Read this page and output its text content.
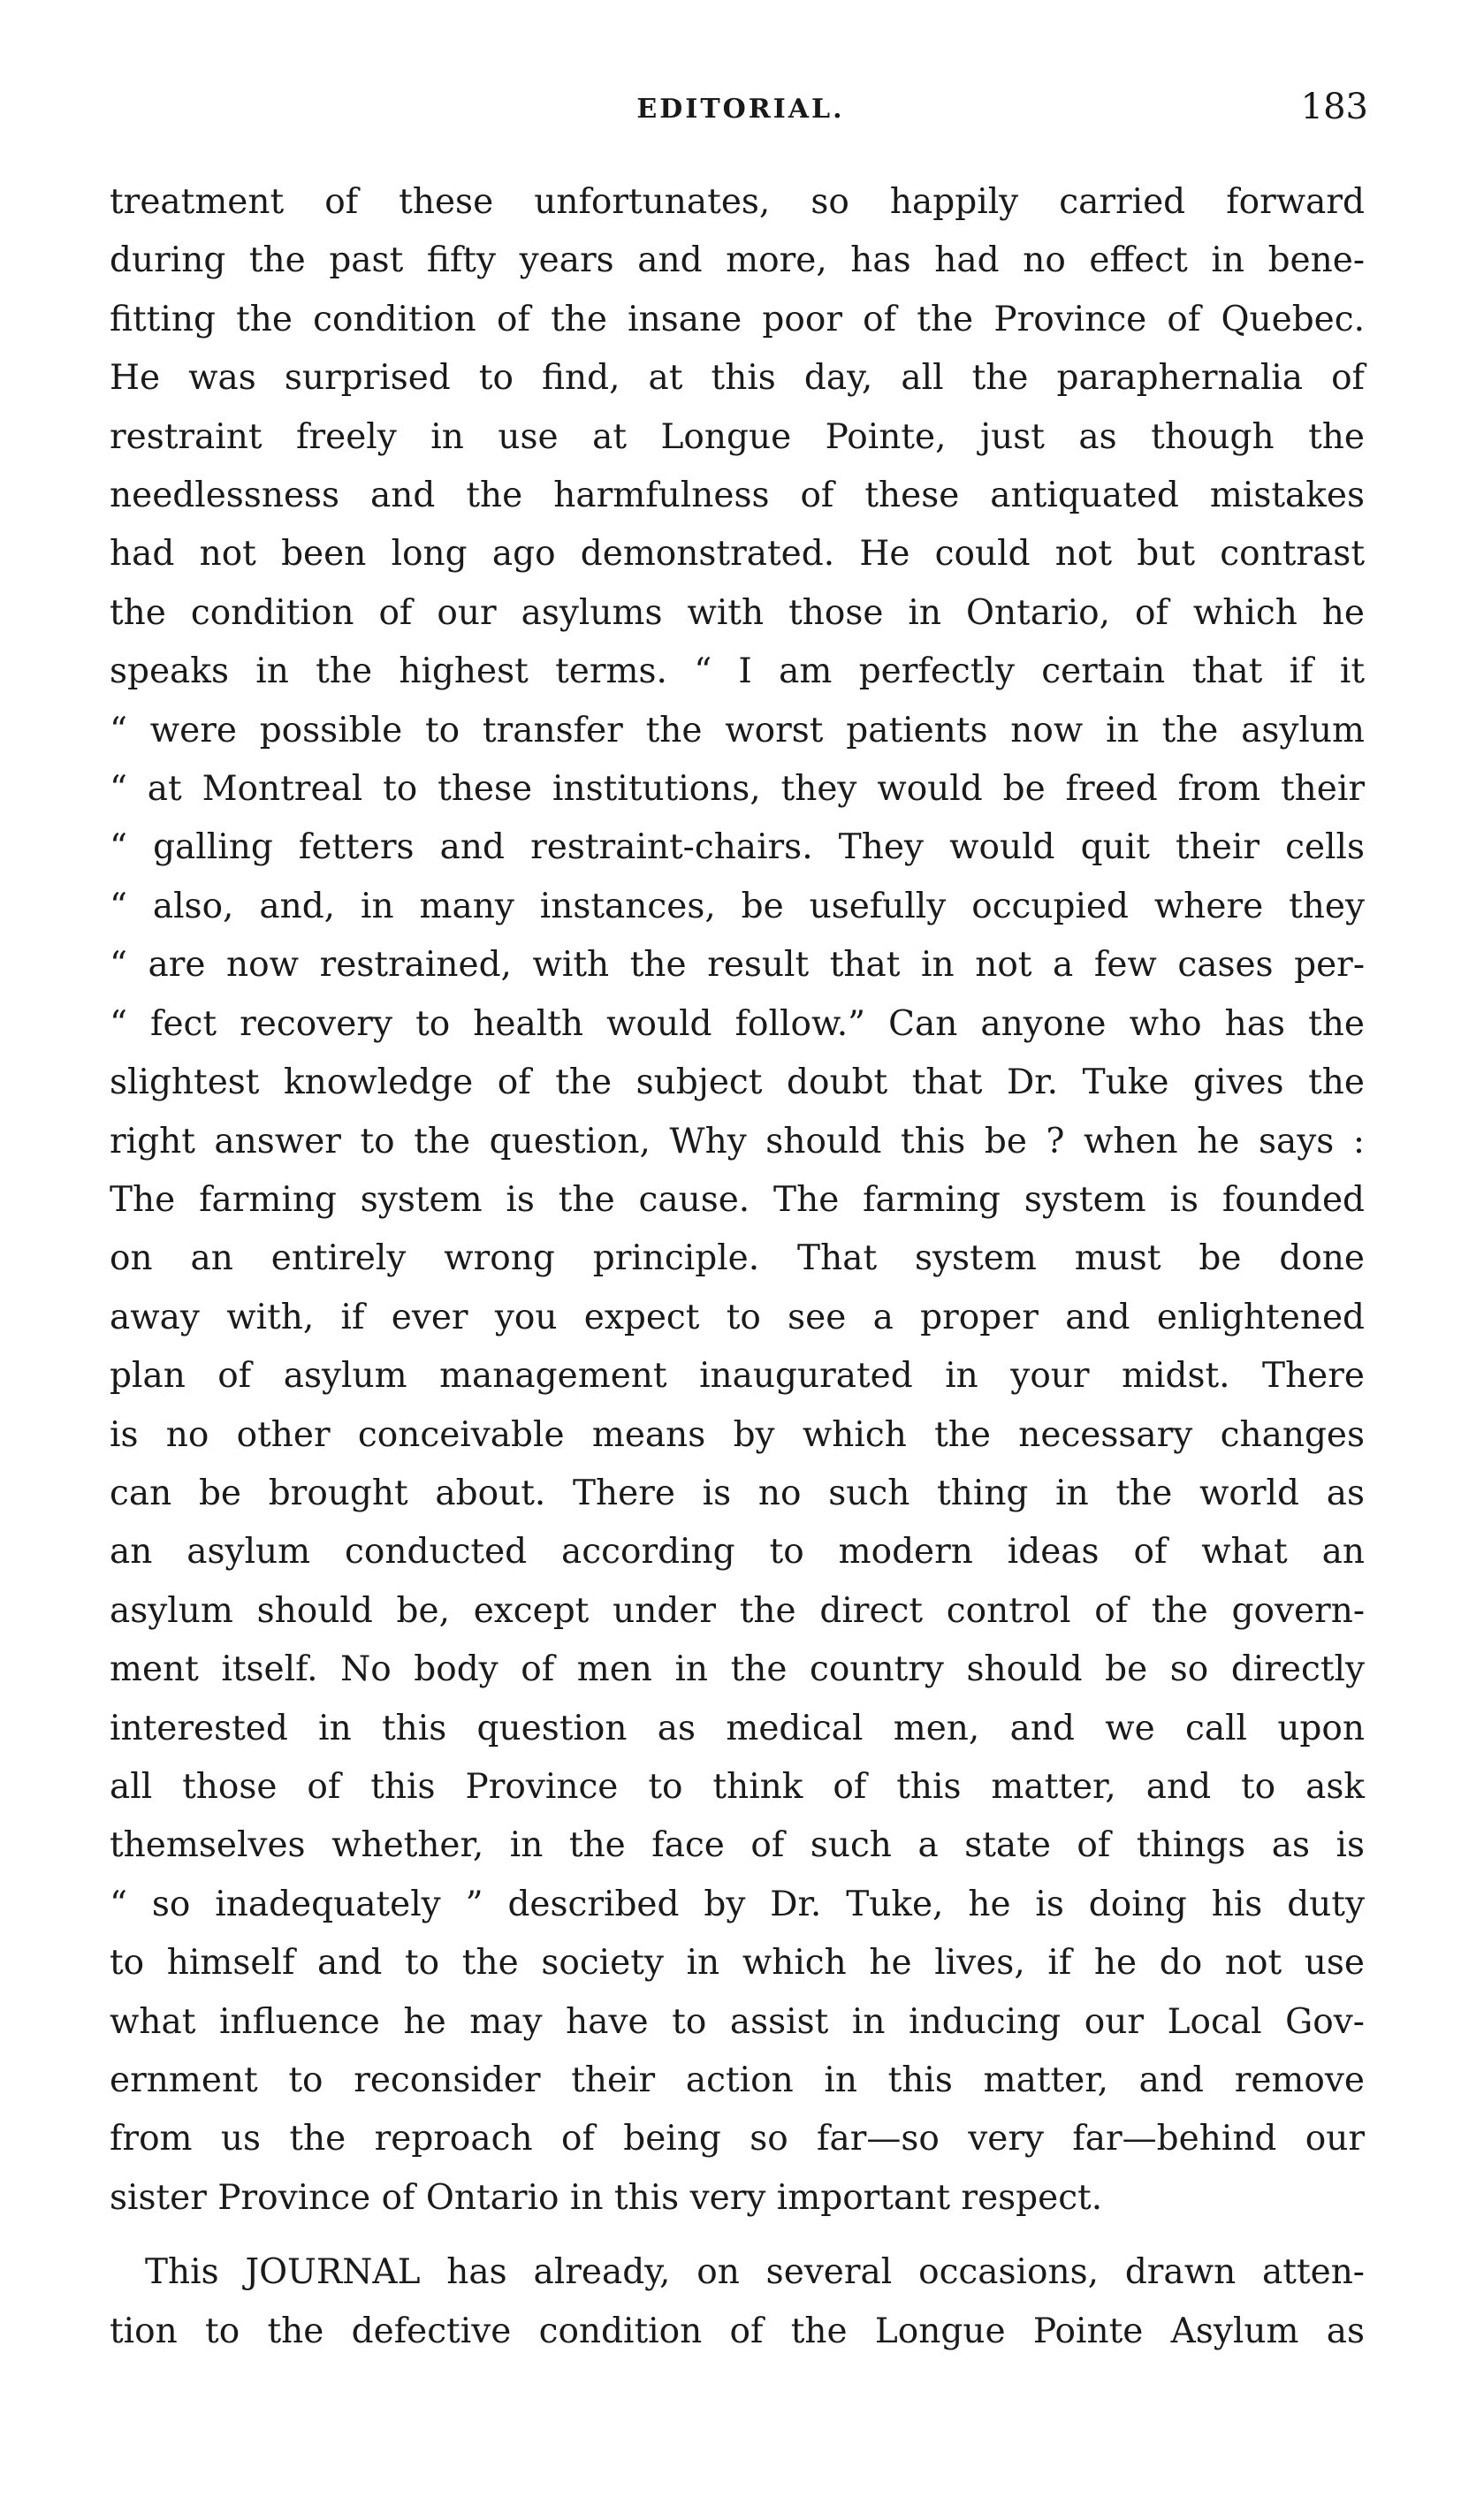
EDITORIAL.	183
treatment of these unfortunates, so happily carried forward
during the past fifty years and more, has had no effect in bene-
fitting the condition of the insane poor of the Province of Quebec.
He was surprised to find, at this day, all the paraphernalia of
restraint freely in use at Longue Pointe, just as though the
needlessness and the harmfulness of these antiquated mistakes
had not been long ago demonstrated. He could not but contrast
the condition of our asylums with those in Ontario, of which he
speaks in the highest terms. “ I am perfectly certain that if it
“ were possible to transfer the worst patients now in the asylum
“ at Montreal to these institutions, they would be freed from their
“ galling fetters and restraint-chairs. They would quit their cells
“ also, and, in many instances, be usefully occupied where they
“ are now restrained, with the result that in not a few cases per-
“ fect recovery to health would follow.” Can anyone who has the
slightest knowledge of the subject doubt that Dr. Tuke gives the
right answer to the question, Why should this be ? when he says :
The farming system is the cause. The farming system is founded
on an entirely wrong principle. That system must be done
away with, if ever you expect to see a proper and enlightened
plan of asylum management inaugurated in your midst. There
is no other conceivable means by which the necessary changes
can be brought about. There is no such thing in the world as
an asylum conducted according to modern ideas of what an
asylum should be, except under the direct control of the govern-
ment itself. No body of men in the country should be so directly
interested in this question as medical men, and we call upon
all those of this Province to think of this matter, and to ask
themselves whether, in the face of such a state of things as is
“ so inadequately ” described by Dr. Tuke, he is doing his duty
to himself and to the society in which he lives, if he do not use
what influence he may have to assist in inducing our Local Gov-
ernment to reconsider their action in this matter, and remove
from us the reproach of being so far—so very far—behind our
sister Province of Ontario in this very important respect.
This JOURNAL has already, on several occasions, drawn atten-
tion to the defective condition of the Longue Pointe Asylum as
